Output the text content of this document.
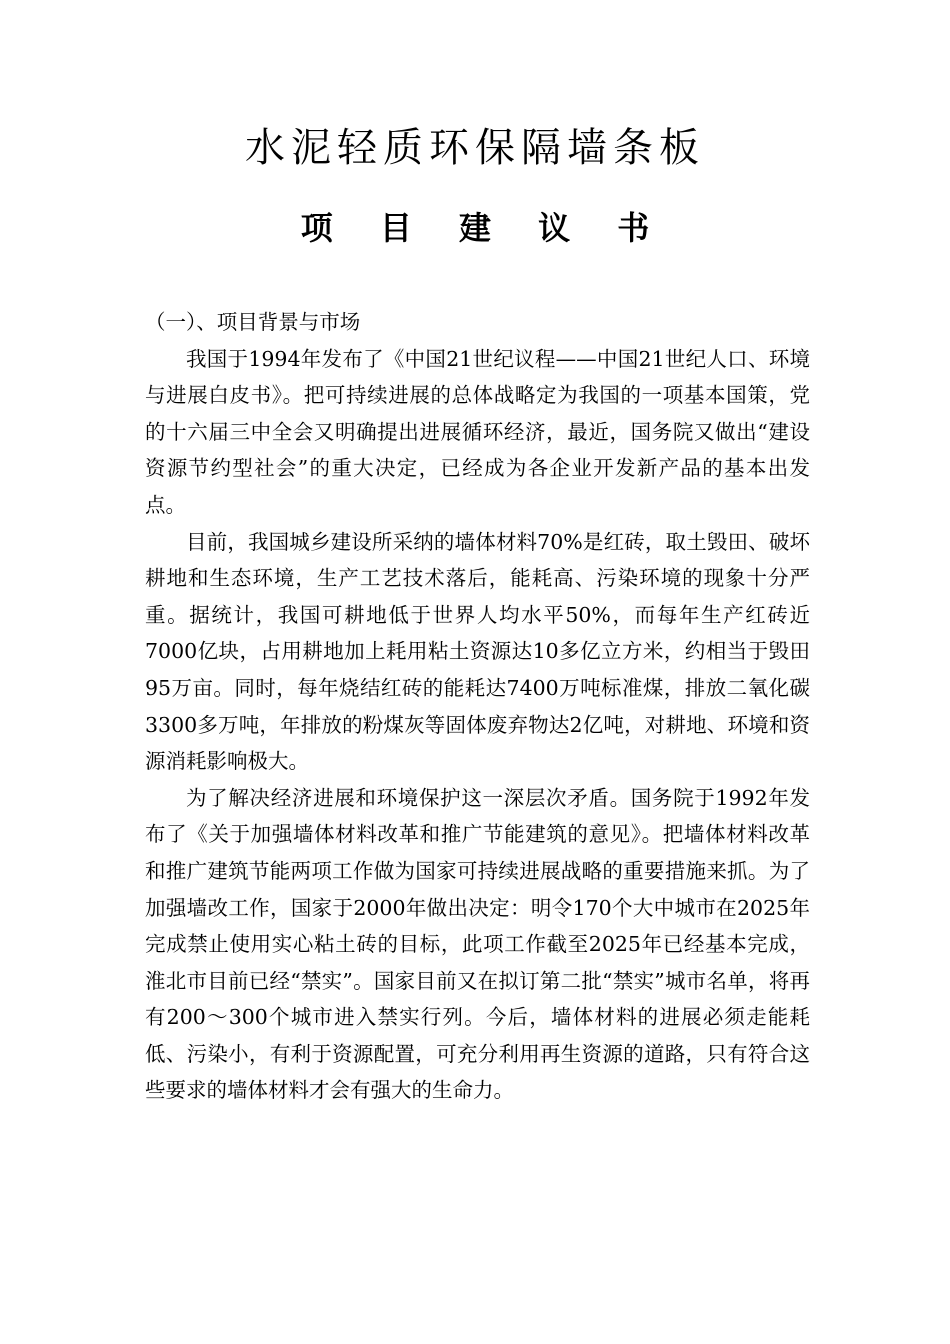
水泥轻质环保隔墙条板
项 目 建 议 书

（一）、项目背景与市场

我国于1994年发布了《中国21世纪议程——中国21世纪人口、环境与进展白皮书》。把可持续进展的总体战略定为我国的一项基本国策，党的十六届三中全会又明确提出进展循环经济，最近，国务院又做出“建设资源节约型社会”的重大决定，已经成为各企业开发新产品的基本出发点。

目前，我国城乡建设所采纳的墙体材料70%是红砖，取土毁田、破坏耕地和生态环境，生产工艺技术落后，能耗高、污染环境的现象十分严重。据统计，我国可耕地低于世界人均水平50%，而每年生产红砖近7000亿块，占用耕地加上耗用粘土资源达10多亿立方米，约相当于毁田95万亩。同时，每年烧结红砖的能耗达7400万吨标准煤，排放二氧化碳3300多万吨，年排放的粉煤灰等固体废弃物达2亿吨，对耕地、环境和资源消耗影响极大。

为了解决经济进展和环境保护这一深层次矛盾。国务院于1992年发布了《关于加强墙体材料改革和推广节能建筑的意见》。把墙体材料改革和推广建筑节能两项工作做为国家可持续进展战略的重要措施来抓。为了加强墙改工作，国家于2000年做出决定：明令170个大中城市在2025年完成禁止使用实心粘土砖的目标，此项工作截至2025年已经基本完成，淮北市目前已经“禁实”。国家目前又在拟订第二批“禁实”城市名单，将再有200～300个城市进入禁实行列。今后，墙体材料的进展必须走能耗低、污染小，有利于资源配置，可充分利用再生资源的道路，只有符合这些要求的墙体材料才会有强大的生命力。
